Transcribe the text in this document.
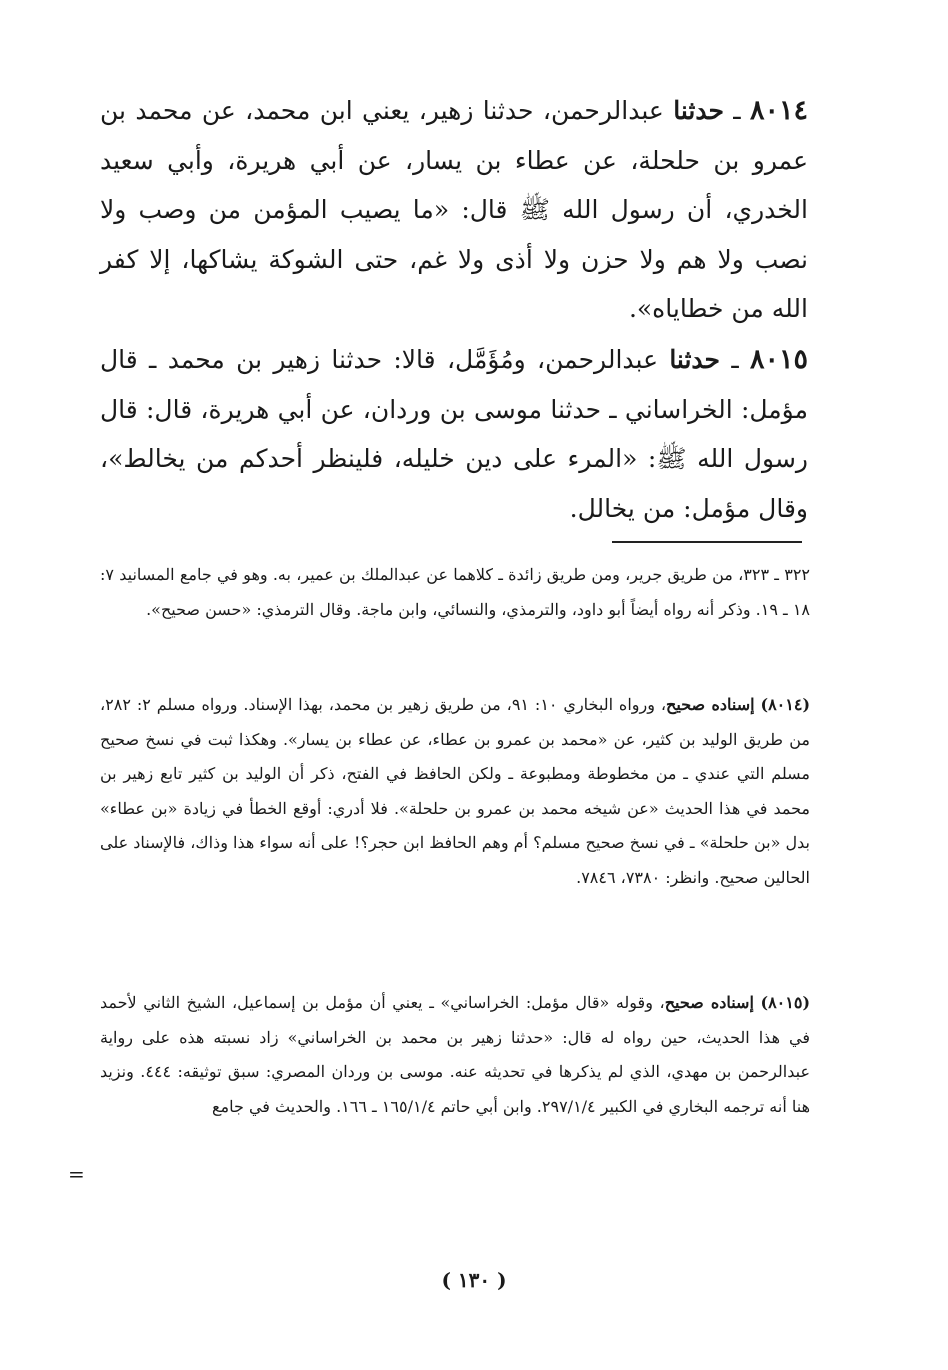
٨٠١٤ ـ حدثنا عبدالرحمن، حدثنا زهير، يعني ابن محمد، عن محمد بن عمرو بن حلحلة، عن عطاء بن يسار، عن أبي هريرة، وأبي سعيد الخدري، أن رسول الله ﷺ قال: «ما يصيب المؤمن من وصب ولا نصب ولا هم ولا حزن ولا أذى ولا غم، حتى الشوكة يشاكها، إلا كفر الله من خطاياه».

٨٠١٥ ـ حدثنا عبدالرحمن، ومُؤَمَّل، قالا: حدثنا زهير بن محمد ـ قال مؤمل: الخراساني ـ حدثنا موسى بن وردان، عن أبي هريرة، قال: قال رسول الله ﷺ: «المرء على دين خليله، فلينظر أحدكم من يخالط»، وقال مؤمل: من يخالل.

٣٢٢ ـ ٣٢٣، من طريق جرير، ومن طريق زائدة ـ كلاهما عن عبدالملك بن عمير، به. وهو في جامع المسانيد ٧: ١٨ ـ ١٩. وذكر أنه رواه أيضاً أبو داود، والترمذي، والنسائي، وابن ماجة. وقال الترمذي: «حسن صحيح».

(٨٠١٤) إسناده صحيح، ورواه البخاري ١٠: ٩١، من طريق زهير بن محمد، بهذا الإسناد. ورواه مسلم ٢: ٢٨٢، من طريق الوليد بن كثير، عن «محمد بن عمرو بن عطاء، عن عطاء بن يسار». وهكذا ثبت في نسخ صحيح مسلم التي عندي ـ من مخطوطة ومطبوعة ـ ولكن الحافظ في الفتح، ذكر أن الوليد بن كثير تابع زهير بن محمد في هذا الحديث «عن شيخه محمد بن عمرو بن حلحلة». فلا أدري: أوقع الخطأ في زيادة «بن عطاء» بدل «بن حلحلة» ـ في نسخ صحيح مسلم؟ أم وهم الحافظ ابن حجر؟! على أنه سواء هذا وذاك، فالإسناد على الحالين صحيح. وانظر: ٧٣٨٠، ٧٨٤٦.

(٨٠١٥) إسناده صحيح، وقوله «قال مؤمل: الخراساني» ـ يعني أن مؤمل بن إسماعيل، الشيخ الثاني لأحمد في هذا الحديث، حين رواه له قال: «حدثنا زهير بن محمد بن الخراساني» زاد نسبته هذه على رواية عبدالرحمن بن مهدي، الذي لم يذكرها في تحديثه عنه. موسى بن وردان المصري: سبق توثيقه: ٤٤٤. ونزيد هنا أنه ترجمه البخاري في الكبير ٢٩٧/١/٤. وابن أبي حاتم ١٦٥/١/٤ ـ ١٦٦. والحديث في جامع

=
( ١٣٠ )
